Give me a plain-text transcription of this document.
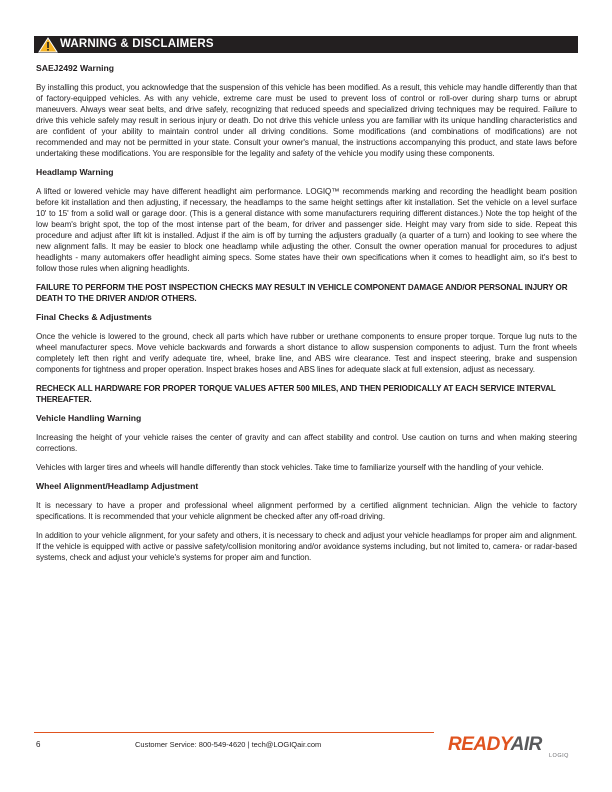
WARNING & DISCLAIMERS
SAEJ2492 Warning
By installing this product, you acknowledge that the suspension of this vehicle has been modified. As a result, this vehicle may handle differently than that of factory-equipped vehicles. As with any vehicle, extreme care must be used to prevent loss of control or roll-over during sharp turns or abrupt maneuvers. Always wear seat belts, and drive safely, recognizing that reduced speeds and specialized driving techniques may be required. Failure to drive this vehicle safely may result in serious injury or death. Do not drive this vehicle unless you are familiar with its unique handling characteristics and are confident of your ability to maintain control under all driving conditions. Some modifications (and combinations of modifications) are not recommended and may not be permitted in your state. Consult your owner's manual, the instructions accompanying this product, and state laws before undertaking these modifications. You are responsible for the legality and safety of the vehicle you modify using these components.
Headlamp Warning
A lifted or lowered vehicle may have different headlight aim performance. LOGIQ™ recommends marking and recording the headlight beam position before kit installation and then adjusting, if necessary, the headlamps to the same height settings after kit installation. Set the vehicle on a level surface 10' to 15' from a solid wall or garage door. (This is a general distance with some manufacturers requiring different distances.) Note the top height of the low beam's bright spot, the top of the most intense part of the beam, for driver and passenger side. Height may vary from side to side. Repeat this procedure and adjust after lift kit is installed. Adjust if the aim is off by turning the adjusters gradually (a quarter of a turn) and looking to see where the new alignment falls. It may be easier to block one headlamp while adjusting the other. Consult the owner operation manual for procedures to adjust headlights - many automakers offer headlight aiming specs. Some states have their own specifications when it comes to headlight aim, so it's best to follow those rules when aligning headlights.
FAILURE TO PERFORM THE POST INSPECTION CHECKS MAY RESULT IN VEHICLE COMPONENT DAMAGE AND/OR PERSONAL INJURY OR DEATH TO THE DRIVER AND/OR OTHERS.
Final Checks & Adjustments
Once the vehicle is lowered to the ground, check all parts which have rubber or urethane components to ensure proper torque. Torque lug nuts to the wheel manufacturer specs. Move vehicle backwards and forwards a short distance to allow suspension components to adjust. Turn the front wheels completely left then right and verify adequate tire, wheel, brake line, and ABS wire clearance. Test and inspect steering, brake and suspension components for tightness and proper operation. Inspect brakes hoses and ABS lines for adequate slack at full extension, adjust as necessary.
RECHECK ALL HARDWARE FOR PROPER TORQUE VALUES AFTER 500 MILES, AND THEN PERIODICALLY AT EACH SERVICE INTERVAL THEREAFTER.
Vehicle Handling Warning
Increasing the height of your vehicle raises the center of gravity and can affect stability and control. Use caution on turns and when making steering corrections.
Vehicles with larger tires and wheels will handle differently than stock vehicles. Take time to familiarize yourself with the handling of your vehicle.
Wheel Alignment/Headlamp Adjustment
It is necessary to have a proper and professional wheel alignment performed by a certified alignment technician. Align the vehicle to factory specifications. It is recommended that your vehicle alignment be checked after any off-road driving.
In addition to your vehicle alignment, for your safety and others, it is necessary to check and adjust your vehicle headlamps for proper aim and alignment. If the vehicle is equipped with active or passive safety/collision monitoring and/or avoidance systems including, but not limited to, camera- or radar-based systems, check and adjust your vehicle's systems for proper aim and function.
6	Customer Service: 800-549-4620 | tech@LOGIQair.com	READYAIR
LOGIQ
